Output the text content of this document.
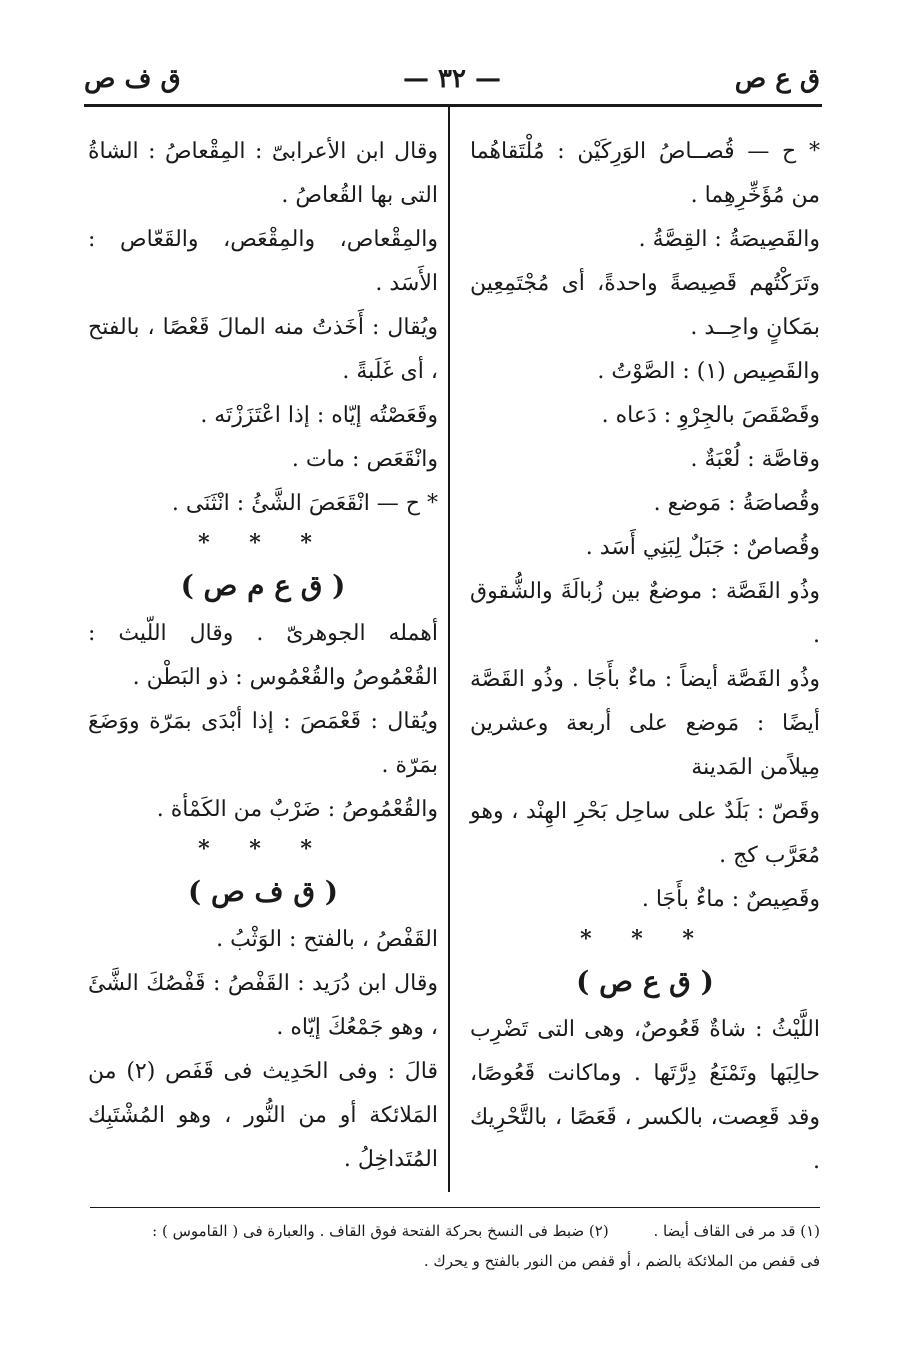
ق ع ص
— ٣٢ —
ق ف ص

* ح — قُصــاصُ الوَرِكَيْن : مُلْتَقاهُما من مُؤَخِّرِهِما .

والقَصِيصَةُ : القِصَّةُ .

وتَرَكْتُهم قَصِيصةً واحدةً، أى مُجْتَمِعِين بمَكانٍ واحِــد .

والقَصِيص (١) : الصَّوْتُ .

وقَصْقَصَ بالجِرْوِ : دَعاه .

وقاصَّة : لُعْبَةٌ .

وقُصاصَةُ : مَوضع .

وقُصاصٌ : جَبَلٌ لِبَنِي أَسَد .

وذُو القَصَّة : موضعٌ بين زُبالَةَ والشُّقوق .

وذُو القَصَّة أيضاً : ماءٌ بأَجَا . وذُو القَصَّة أيضًا : مَوضع على أربعة وعشرين مِيلاًمن المَدينة

وقَصّ : بَلَدٌ على ساحِل بَحْرِ الهِنْد ، وهو مُعَرَّب كج .

وقَصِيصٌ : ماءٌ بأَجَا .

* * *

( ق ع ص )

اللَّيْثُ : شاةٌ قَعُوصٌ، وهى التى تَضْرِب حالِبَها وتَمْنَعُ دِرَّتَها . وماكانت قَعُوصًا، وقد قَعِصت، بالكسر ، قَعَصًا ، بالتَّحْرِيك .

وقال ابن الأعرابىّ : المِقْعاصُ : الشاةُ التى بها القُعاصُ .

والمِقْعاص، والمِقْعَص، والقَعّاص : الأَسَد .

ويُقال : أَخَذتُ منه المالَ قَعْصًا ، بالفتح ، أى غَلَبةً .

وقَعَصْتُه إيّاه : إذا اعْتَزَزْتَه .

وانْقَعَص : مات .

* ح — انْقَعَصَ الشَّئُ : انْثَنَى .

* * *

( ق ع م ص )

أهمله الجوهرىّ . وقال اللّيث : القُعْمُوصُ والقُعْمُوس : ذو البَطْن .

ويُقال : قَعْمَصَ : إذا أبْدَى بمَرّة ووَضَعَ بمَرّة .

والقُعْمُوصُ : ضَرْبٌ من الكَمْأة .

* * *

( ق ف ص )

القَفْصُ ، بالفتح : الوَثْبُ .

وقال ابن دُرَيد : القَفْصُ : قَفْصُكَ الشَّئَ ، وهو جَمْعُكَ إيّاه .

قالَ : وفى الحَدِيث فى قَفَص (٢) من المَلائكة أو من النُّور ، وهو المُشْتَبِك المُتَداخِلُ .

(١) قد مر فى القاف أيضا . (٢) ضبط فى النسخ بحركة الفتحة فوق القاف . والعبارة فى ( القاموس ) :

فى قفص من الملائكة بالضم ، أو قفص من النور بالفتح و يحرك .
